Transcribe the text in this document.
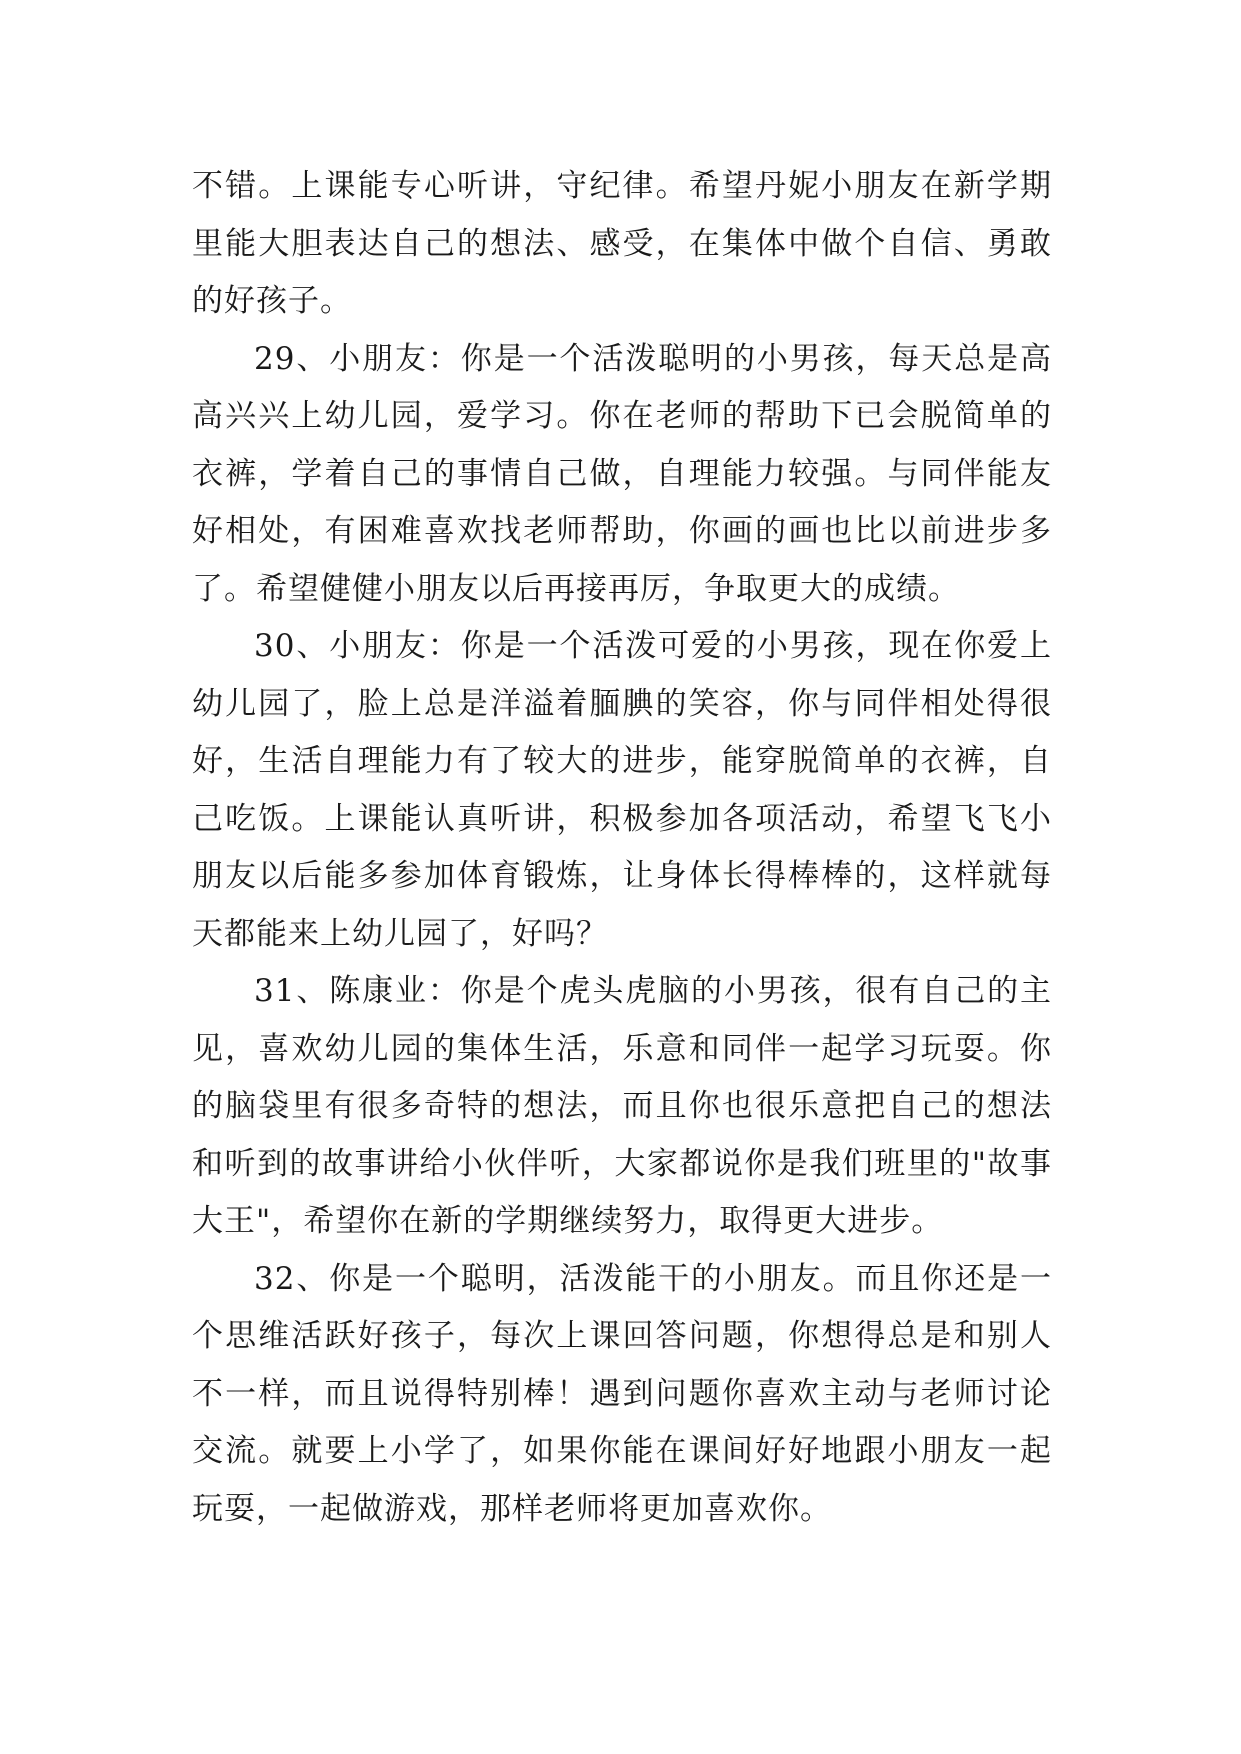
不错。上课能专心听讲，守纪律。希望丹妮小朋友在新学期里能大胆表达自己的想法、感受，在集体中做个自信、勇敢的好孩子。

29、小朋友：你是一个活泼聪明的小男孩，每天总是高高兴兴上幼儿园，爱学习。你在老师的帮助下已会脱简单的衣裤，学着自己的事情自己做，自理能力较强。与同伴能友好相处，有困难喜欢找老师帮助，你画的画也比以前进步多了。希望健健小朋友以后再接再厉，争取更大的成绩。

30、小朋友：你是一个活泼可爱的小男孩，现在你爱上幼儿园了，脸上总是洋溢着腼腆的笑容，你与同伴相处得很好，生活自理能力有了较大的进步，能穿脱简单的衣裤，自己吃饭。上课能认真听讲，积极参加各项活动，希望飞飞小朋友以后能多参加体育锻炼，让身体长得棒棒的，这样就每天都能来上幼儿园了，好吗？

31、陈康业：你是个虎头虎脑的小男孩，很有自己的主见，喜欢幼儿园的集体生活，乐意和同伴一起学习玩耍。你的脑袋里有很多奇特的想法，而且你也很乐意把自己的想法和听到的故事讲给小伙伴听，大家都说你是我们班里的"故事大王"，希望你在新的学期继续努力，取得更大进步。

32、你是一个聪明，活泼能干的小朋友。而且你还是一个思维活跃好孩子，每次上课回答问题，你想得总是和别人不一样，而且说得特别棒！遇到问题你喜欢主动与老师讨论交流。就要上小学了，如果你能在课间好好地跟小朋友一起玩耍，一起做游戏，那样老师将更加喜欢你。
